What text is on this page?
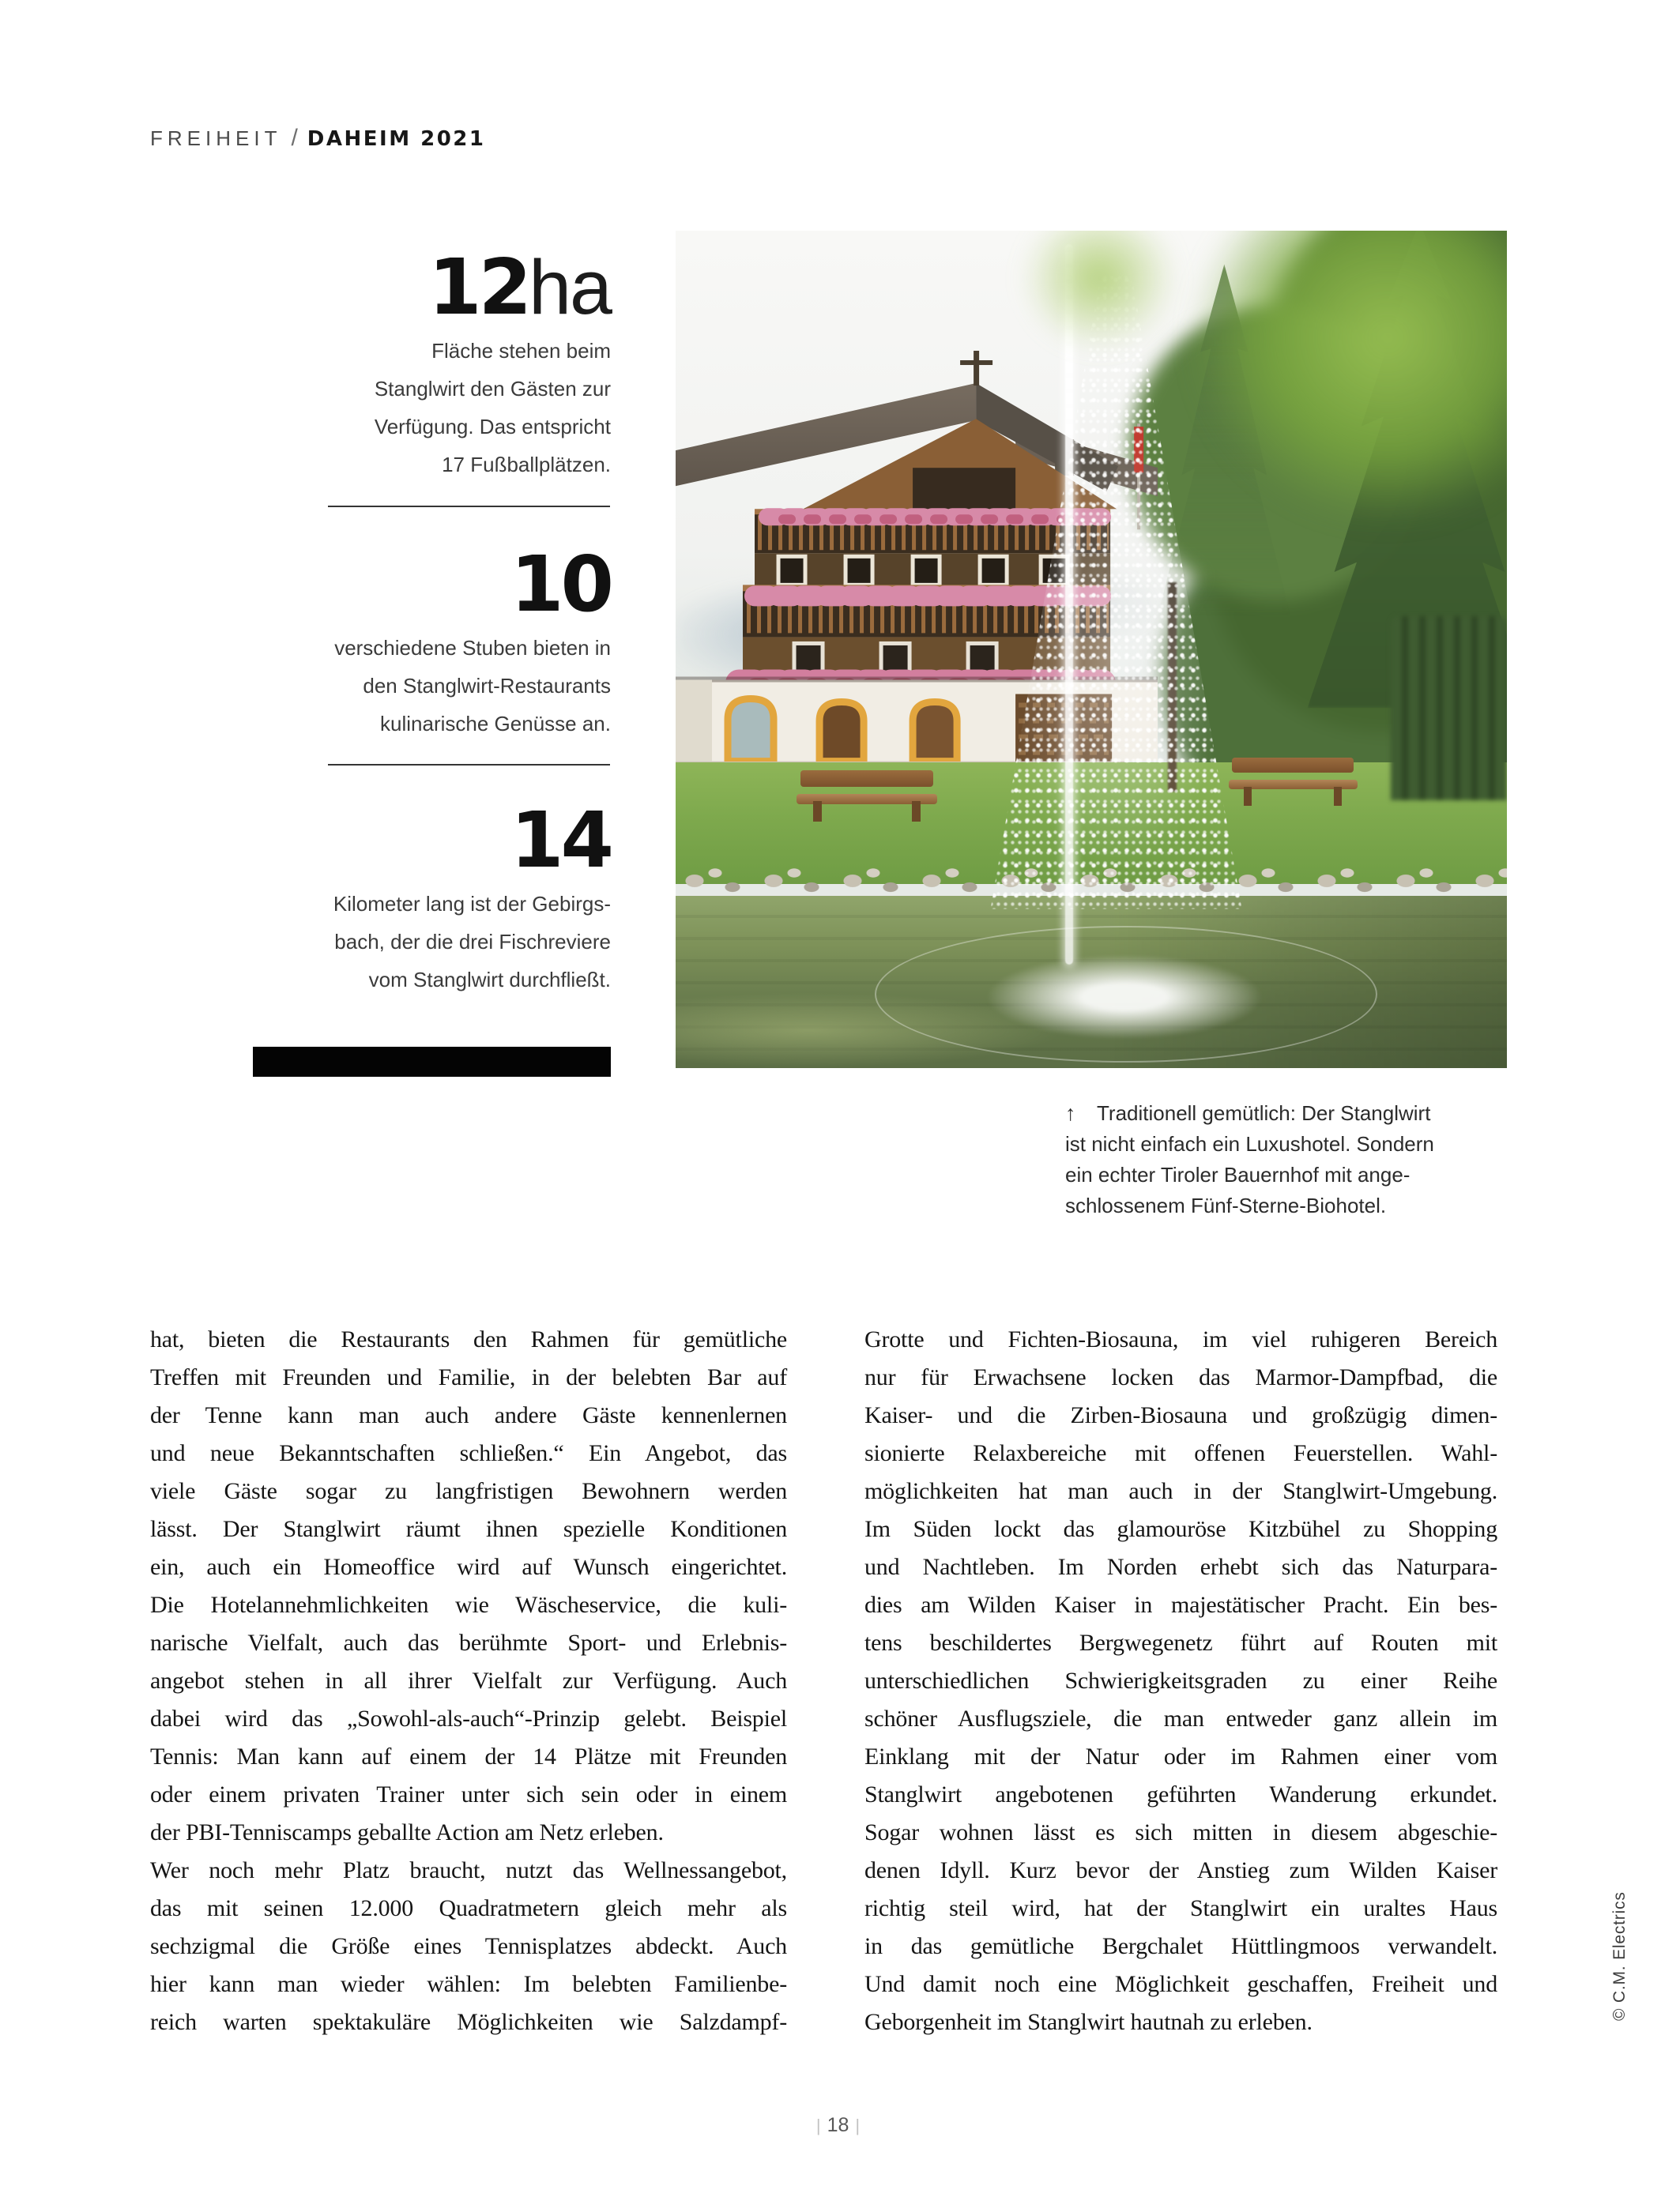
FREIHEIT / DAHEIM 2021
12ha
Fläche stehen beim
Stanglwirt den Gästen zur
Verfügung. Das entspricht
17 Fußballplätzen.
10
verschiedene Stuben bieten in
den Stanglwirt-Restaurants
kulinarische Genüsse an.
14
Kilometer lang ist der Gebirgs-
bach, der die drei Fischreviere
vom Stanglwirt durchfließt.
↑	Traditionell gemütlich: Der Stanglwirt
ist nicht einfach ein Luxushotel. Sondern
ein echter Tiroler Bauernhof mit ange-
schlossenem Fünf-Sterne-Biohotel.
hat, bieten die Restaurants den Rahmen für gemütliche
Treffen mit Freunden und Familie, in der belebten Bar auf
der Tenne kann man auch andere Gäste kennenlernen
und neue Bekanntschaften schließen.“ Ein Angebot, das
viele Gäste sogar zu langfristigen Bewohnern werden
lässt. Der Stanglwirt räumt ihnen spezielle Konditionen
ein, auch ein Homeoffice wird auf Wunsch eingerichtet.
Die Hotelannehmlichkeiten wie Wäscheservice, die kuli-
narische Vielfalt, auch das berühmte Sport- und Erlebnis-
angebot stehen in all ihrer Vielfalt zur Verfügung. Auch
dabei wird das „Sowohl-als-auch“-Prinzip gelebt. Beispiel
Tennis: Man kann auf einem der 14 Plätze mit Freunden
oder einem privaten Trainer unter sich sein oder in einem
der PBI-Tenniscamps geballte Action am Netz erleben.
Wer noch mehr Platz braucht, nutzt das Wellnessangebot,
das mit seinen 12.000 Quadratmetern gleich mehr als
sechzigmal die Größe eines Tennisplatzes abdeckt. Auch
hier kann man wieder wählen: Im belebten Familienbe-
reich warten spektakuläre Möglichkeiten wie Salzdampf-
Grotte und Fichten-Biosauna, im viel ruhigeren Bereich
nur für Erwachsene locken das Marmor-Dampfbad, die
Kaiser- und die Zirben-Biosauna und großzügig dimen-
sionierte Relaxbereiche mit offenen Feuerstellen. Wahl-
möglichkeiten hat man auch in der Stanglwirt-Umgebung.
Im Süden lockt das glamouröse Kitzbühel zu Shopping
und Nachtleben. Im Norden erhebt sich das Naturpara-
dies am Wilden Kaiser in majestätischer Pracht. Ein bes-
tens beschildertes Bergwegenetz führt auf Routen mit
unterschiedlichen Schwierigkeitsgraden zu einer Reihe
schöner Ausflugsziele, die man entweder ganz allein im
Einklang mit der Natur oder im Rahmen einer vom
Stanglwirt angebotenen geführten Wanderung erkundet.
Sogar wohnen lässt es sich mitten in diesem abgeschie-
denen Idyll. Kurz bevor der Anstieg zum Wilden Kaiser
richtig steil wird, hat der Stanglwirt ein uraltes Haus
in das gemütliche Bergchalet Hüttlingmoos verwandelt.
Und damit noch eine Möglichkeit geschaffen, Freiheit und
Geborgenheit im Stanglwirt hautnah zu erleben.
| 18 |
© C.M. Electrics
